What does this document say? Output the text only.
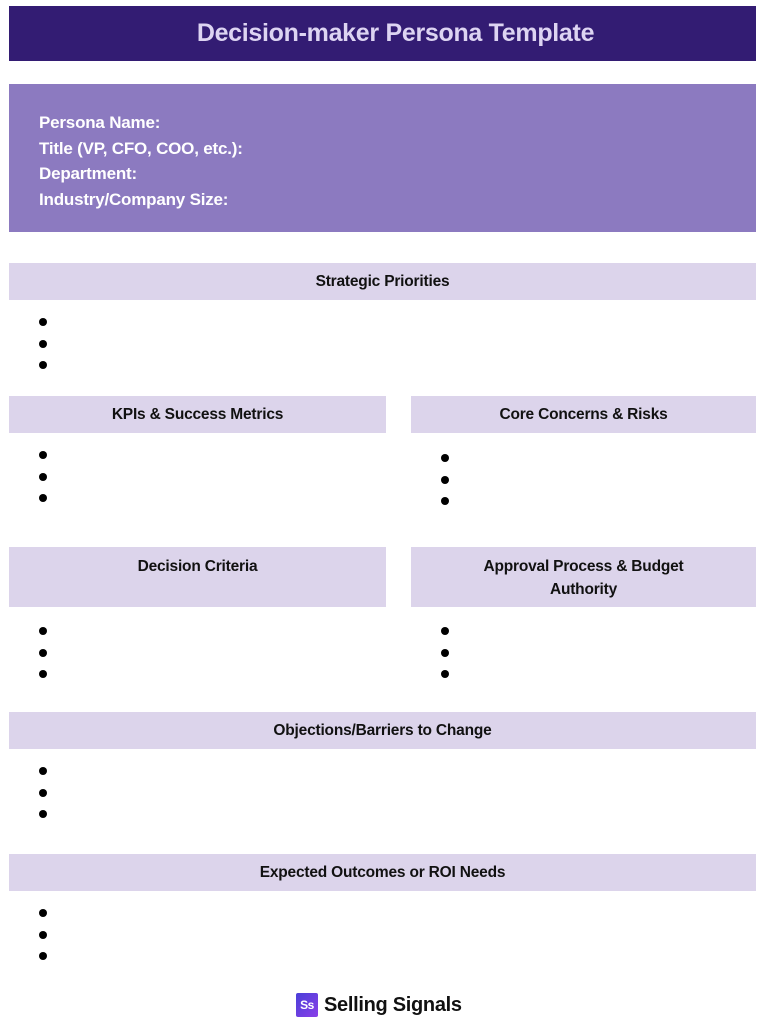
Decision-maker Persona Template
Persona Name:
Title (VP, CFO, COO, etc.):
Department:
Industry/Company Size:
Strategic Priorities
KPIs & Success Metrics	Core Concerns & Risks
Decision Criteria	Approval Process & Budget Authority
Objections/Barriers to Change
Expected Outcomes or ROI Needs
Ss Selling Signals
